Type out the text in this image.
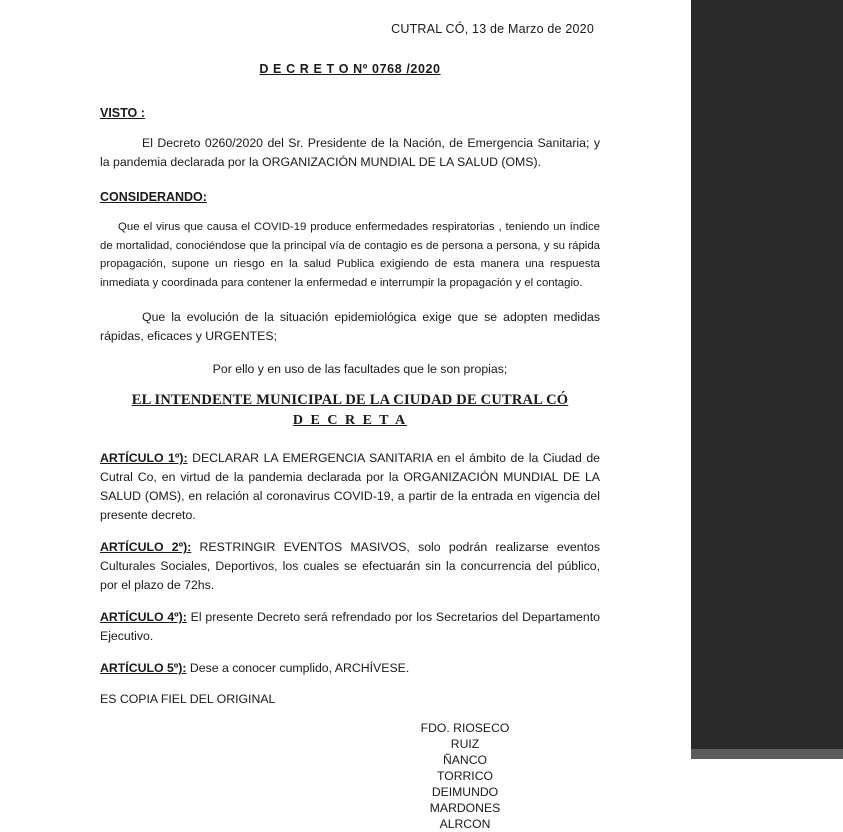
CUTRAL CÓ, 13 de Marzo de 2020
D E C R E T O Nº 0768 /2020
VISTO :

El Decreto 0260/2020 del Sr. Presidente de la Nación, de Emergencia Sanitaria; y la pandemia declarada por la ORGANIZACIÓN MUNDIAL DE LA SALUD (OMS).

CONSIDERANDO:

Que el virus que causa el COVID-19 produce enfermedades respiratorias , teniendo un índice de mortalidad, conociéndose que la principal vía de contagio es de persona a persona, y su rápida propagación, supone un riesgo en la salud Publica exigiendo de esta manera una respuesta inmediata y coordinada para contener la enfermedad e interrumpir la propagación y el contagio.

Que la evolución de la situación epidemiológica exige que se adopten medidas rápidas, eficaces y URGENTES;

Por ello y en uso de las facultades que le son propias;

EL INTENDENTE MUNICIPAL DE LA CIUDAD DE CUTRAL CÓ

D E C R E T A

ARTÍCULO 1º): DECLARAR LA EMERGENCIA SANITARIA en el ámbito de la Ciudad de Cutral Co, en virtud de la pandemia declarada por la ORGANIZACIÓN MUNDIAL DE LA SALUD (OMS), en relación al coronavirus COVID-19, a partir de la entrada en vigencia del presente decreto.

ARTÍCULO 2º): RESTRINGIR EVENTOS MASIVOS, solo podrán realizarse eventos Culturales Sociales, Deportivos, los cuales se efectuarán sin la concurrencia del público, por el plazo de 72hs.

ARTÍCULO 4º): El presente Decreto será refrendado por los Secretarios del Departamento Ejecutivo.

ARTÍCULO 5º): Dese a conocer cumplido, ARCHÍVESE.

ES COPIA FIEL DEL ORIGINAL

FDO. RIOSECO
RUIZ
ÑANCO
TORRICO
DEIMUNDO
MARDONES
ALRCON
